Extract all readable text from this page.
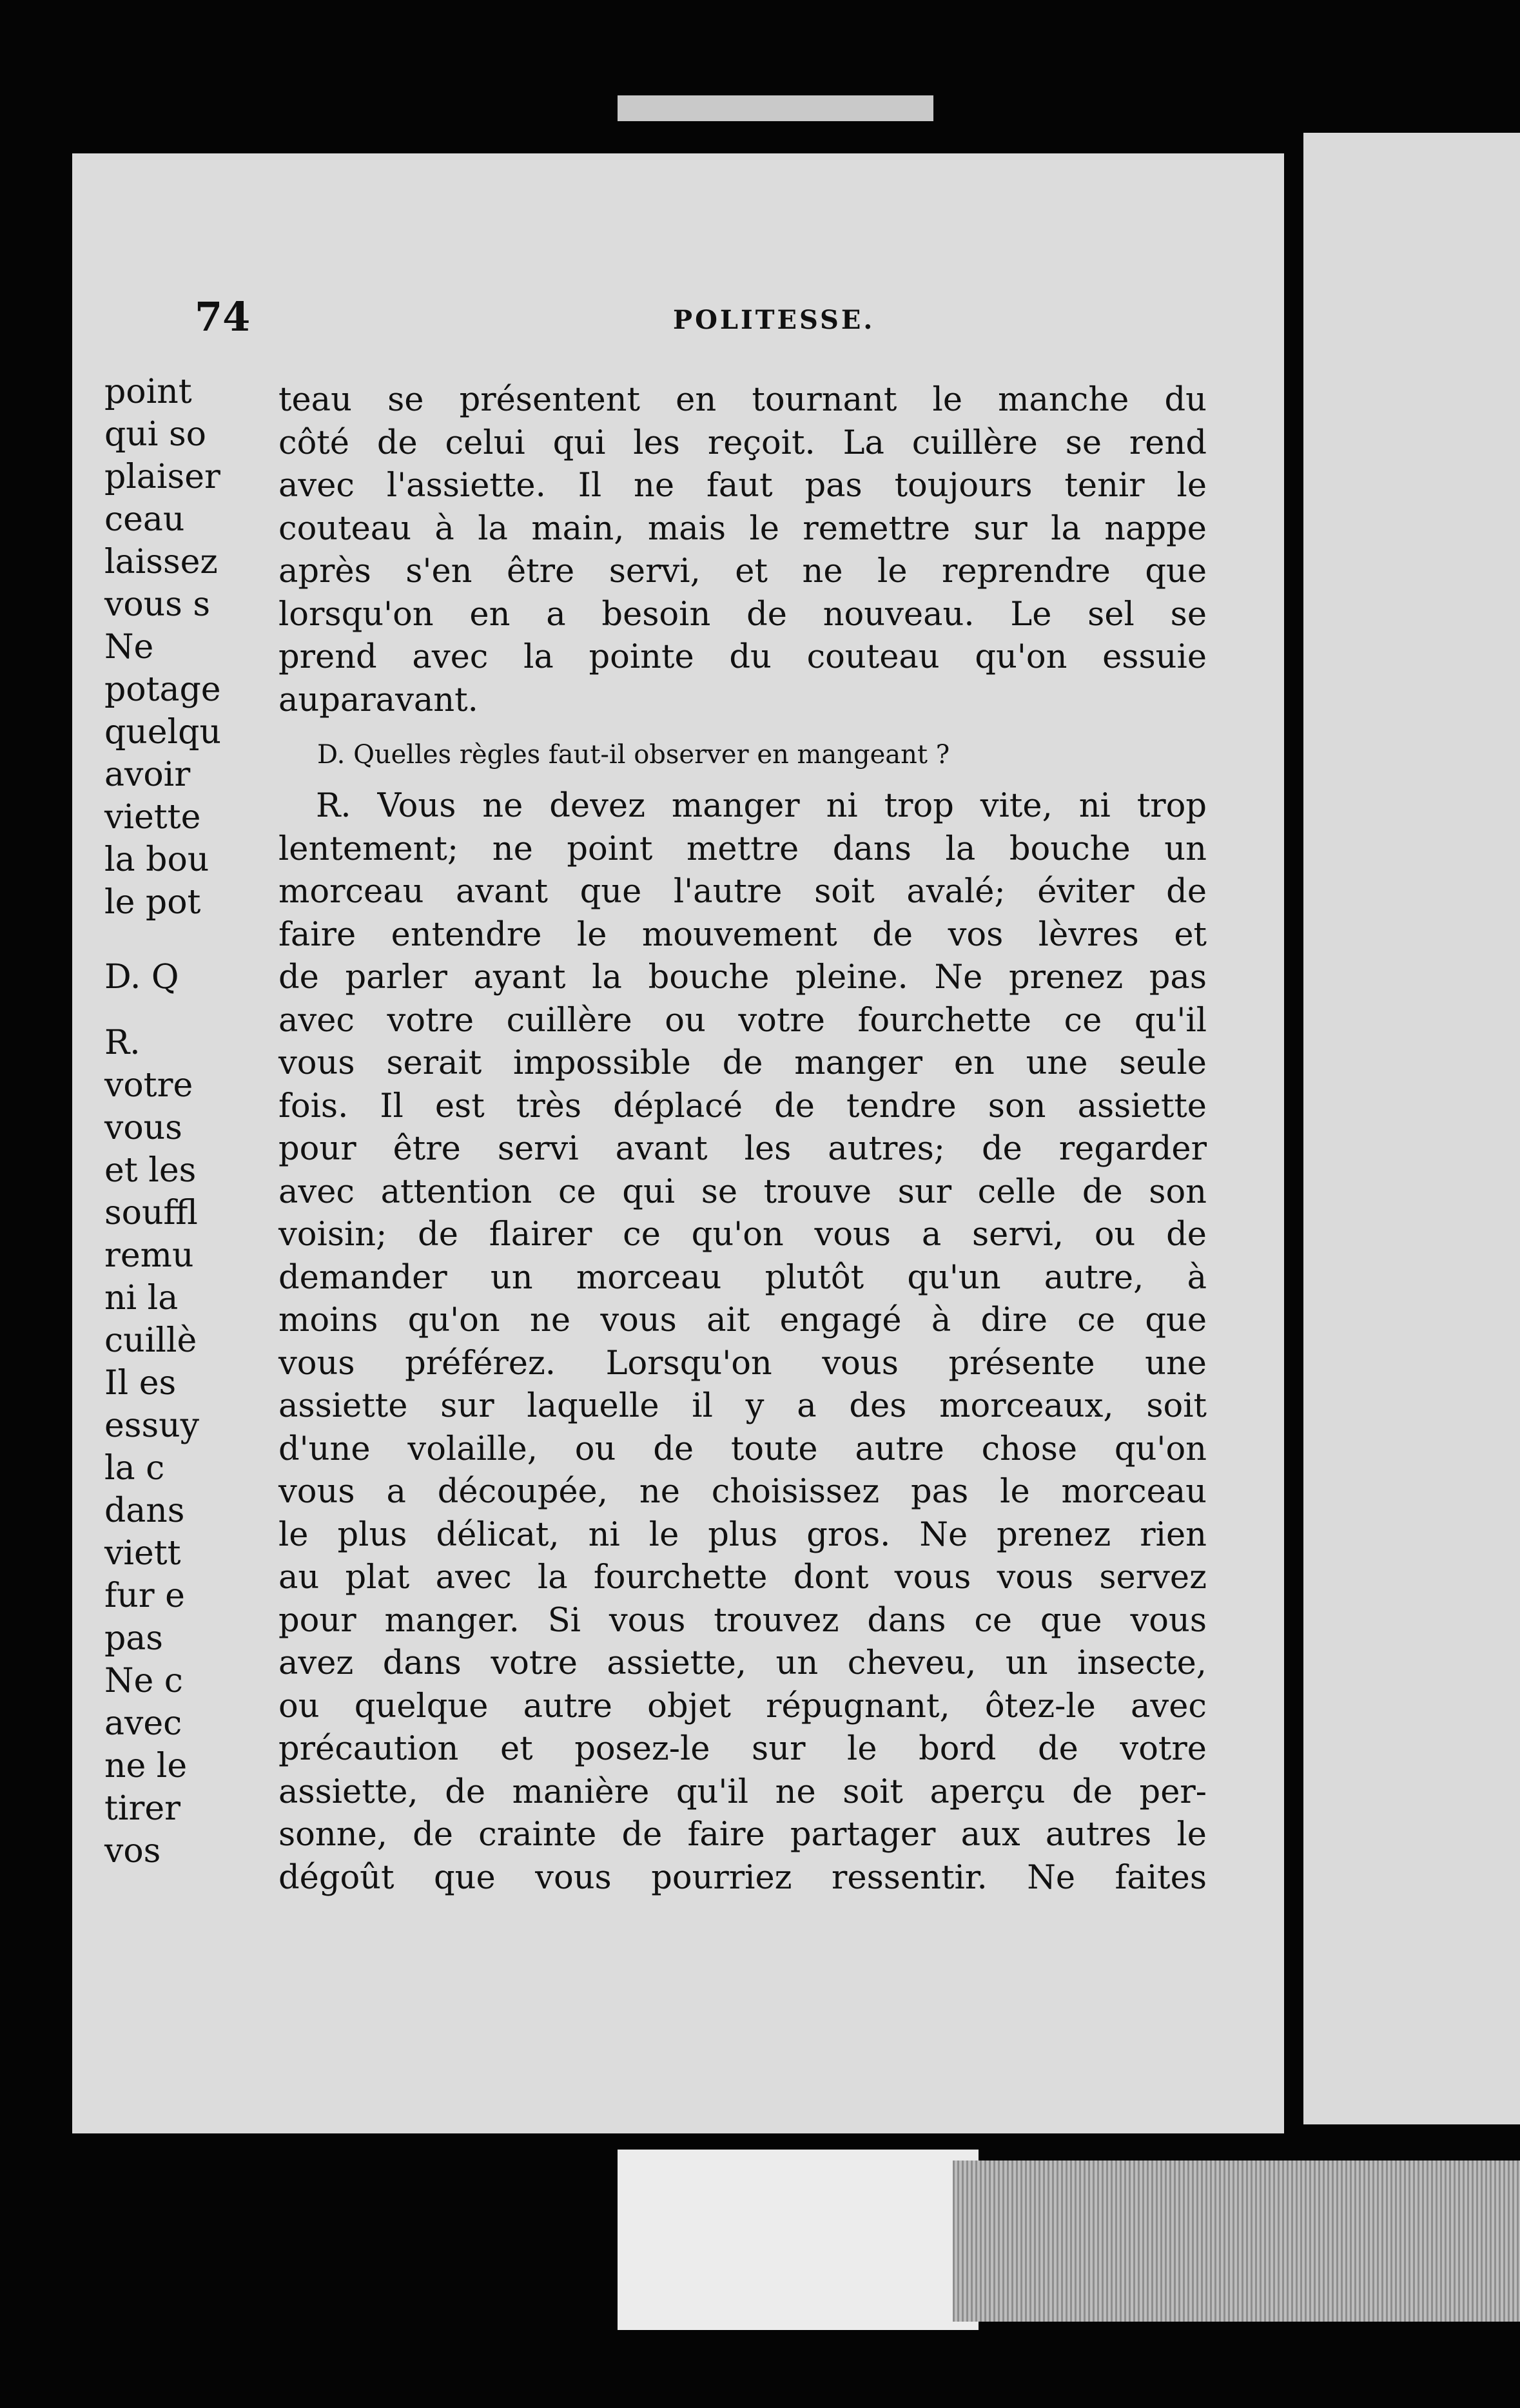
74	POLITESSE.
teau se présentent en tournant le manche du
côté de celui qui les reçoit. La cuillère se rend
avec l'assiette. Il ne faut pas toujours tenir le
couteau à la main, mais le remettre sur la nappe
après s'en être servi, et ne le reprendre que
lorsqu'on en a besoin de nouveau. Le sel se
prend avec la pointe du couteau qu'on essuie
auparavant.
D. Quelles règles faut-il observer en mangeant ?
R. Vous ne devez manger ni trop vite, ni trop
lentement; ne point mettre dans la bouche un
morceau avant que l'autre soit avalé; éviter de
faire entendre le mouvement de vos lèvres et
de parler ayant la bouche pleine. Ne prenez pas
avec votre cuillère ou votre fourchette ce qu'il
vous serait impossible de manger en une seule
fois. Il est très déplacé de tendre son assiette
pour être servi avant les autres; de regarder
avec attention ce qui se trouve sur celle de son
voisin; de flairer ce qu'on vous a servi, ou de
demander un morceau plutôt qu'un autre, à
moins qu'on ne vous ait engagé à dire ce que
vous préférez. Lorsqu'on vous présente une
assiette sur laquelle il y a des morceaux, soit
d'une volaille, ou de toute autre chose qu'on
vous a découpée, ne choisissez pas le morceau
le plus délicat, ni le plus gros. Ne prenez rien
au plat avec la fourchette dont vous vous servez
pour manger. Si vous trouvez dans ce que vous
avez dans votre assiette, un cheveu, un insecte,
ou quelque autre objet répugnant, ôtez-le avec
précaution et posez-le sur le bord de votre
assiette, de manière qu'il ne soit aperçu de per-
sonne, de crainte de faire partager aux autres le
dégoût que vous pourriez ressentir. Ne faites
point
qui so
plaiser
ceau
laissez
vous s
Ne
potage
quelqu
avoir
viette
la bou
le pot
D. Q
R.
votre
vous
et les
souffl
remu
ni la
cuillè
Il es
essuy
la c
dans
viett
fur e
pas
Ne c
avec
ne le
tirer
vos
